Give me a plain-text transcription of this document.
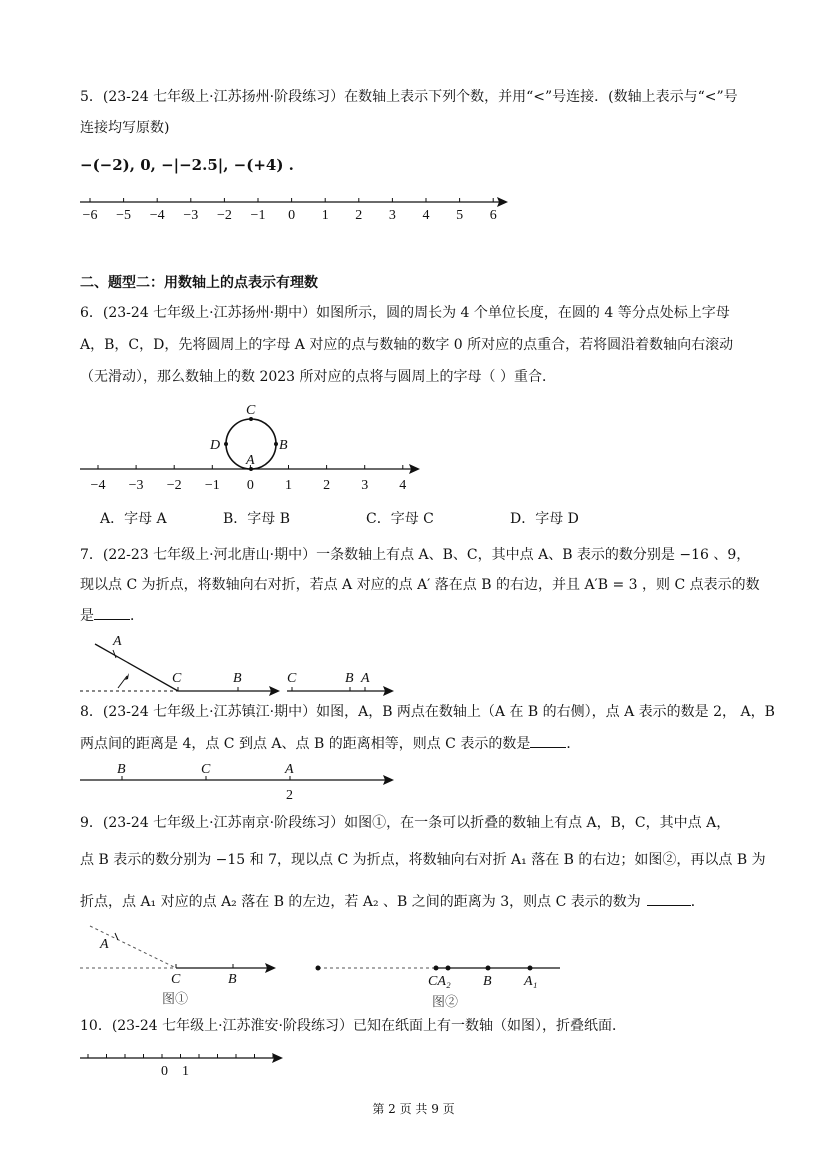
5．(23-24 七年级上·江苏扬州·阶段练习）在数轴上表示下列个数，并用“<”号连接．(数轴上表示与“<”号
连接均写原数)
−(−2), 0, −|−2.5|, −(+4) .
−6 −5 −4 −3 −2 −1 0 1 2 3 4 5 6
二、题型二：用数轴上的点表示有理数
6．(23-24 七年级上·江苏扬州·期中）如图所示，圆的周长为 4 个单位长度，在圆的 4 等分点处标上字母
A，B，C，D，先将圆周上的字母 A 对应的点与数轴的数字 0 所对应的点重合，若将圆沿着数轴向右滚动
（无滑动），那么数轴上的数 2023 所对应的点将与圆周上的字母（ ）重合．
C
D	B
A
−4 −3 −2 −1 0 1 2 3 4
A．字母 A	B．字母 B	C．字母 C	D．字母 D
7．(22-23 七年级上·河北唐山·期中）一条数轴上有点 A、B、C，其中点 A、B 表示的数分别是 −16 、9，
现以点 C 为折点，将数轴向右对折，若点 A 对应的点 A′ 落在点 B 的右边，并且 A′B = 3 ，则 C 点表示的数
是	．
A
C	B	C	B A
8．(23-24 七年级上·江苏镇江·期中）如图，A，B 两点在数轴上（A 在 B 的右侧），点 A 表示的数是 2， A，B
两点间的距离是 4，点 C 到点 A、点 B 的距离相等，则点 C 表示的数是	．
B	C	A
2
9．(23-24 七年级上·江苏南京·阶段练习）如图①，在一条可以折叠的数轴上有点 A，B，C，其中点 A，
点 B 表示的数分别为 −15 和 7，现以点 C 为折点，将数轴向右对折 A₁ 落在 B 的右边；如图②，再以点 B 为
折点，点 A₁ 对应的点 A₂ 落在 B 的左边，若 A₂ 、B 之间的距离为 3，则点 C 表示的数为	．
A
C	B
图①
CA₂ B A₁
图②
10．(23-24 七年级上·江苏淮安·阶段练习）已知在纸面上有一数轴（如图），折叠纸面．
0 1
第 2 页 共 9 页
